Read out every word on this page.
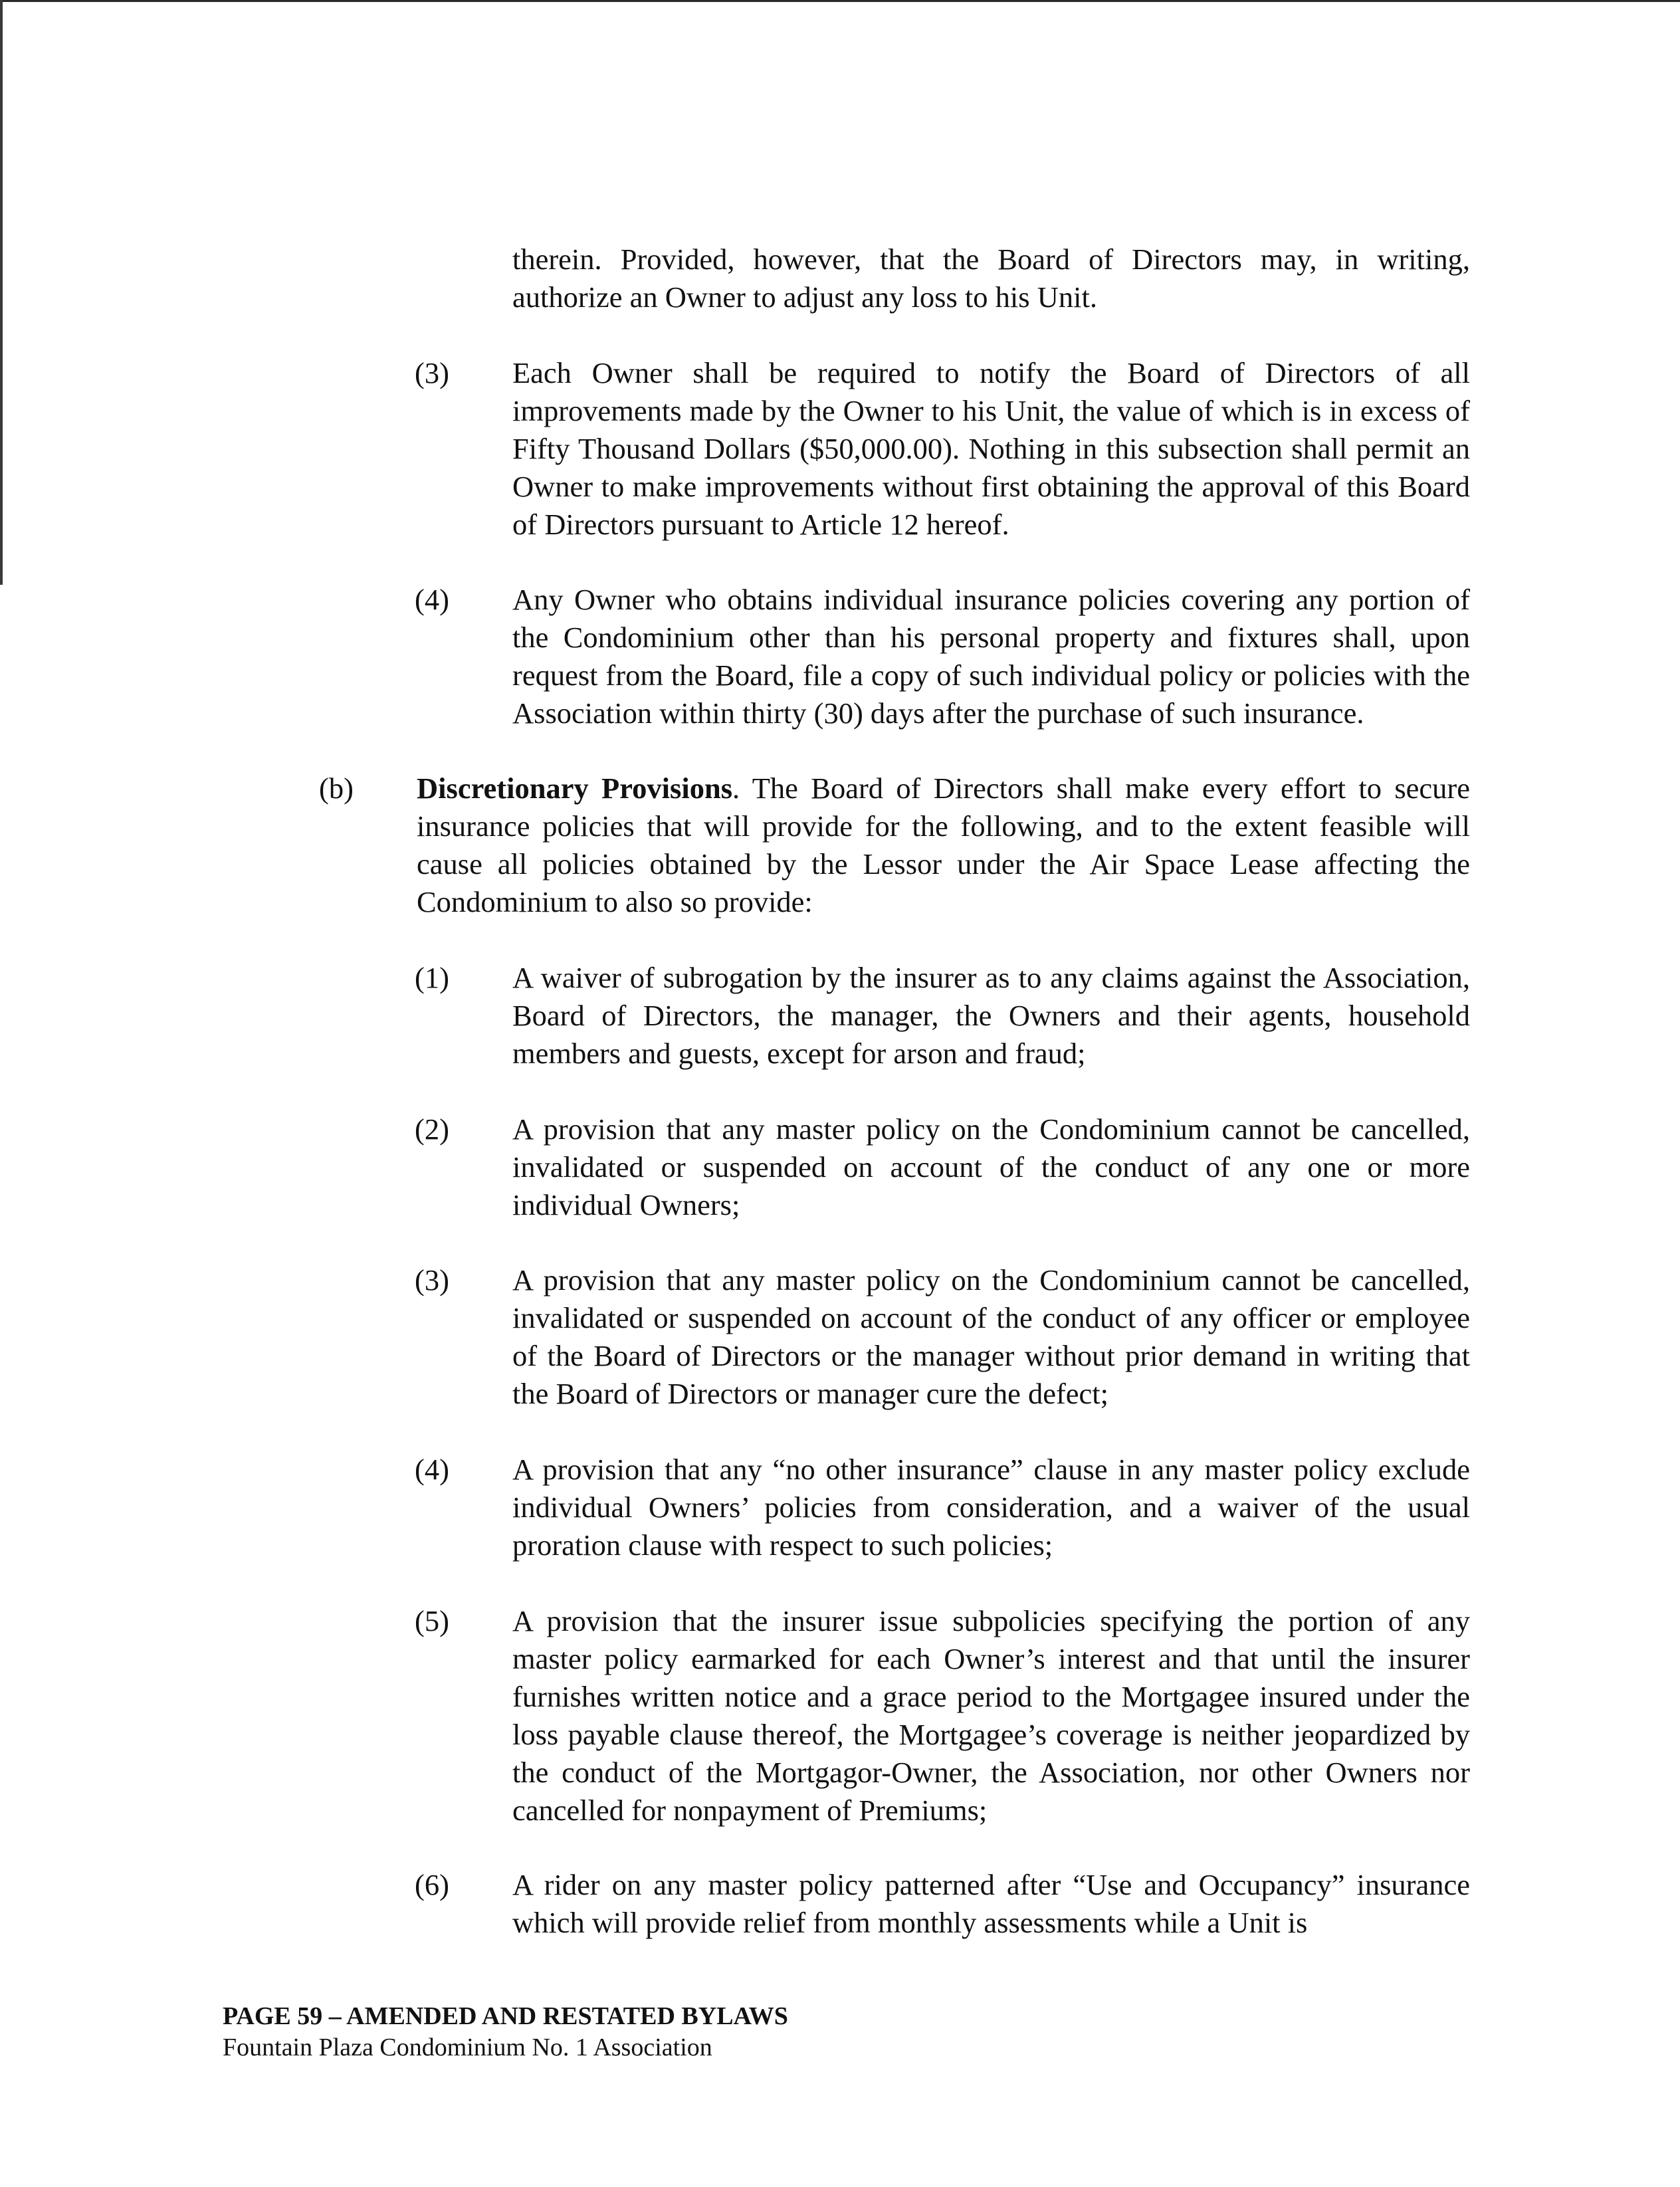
therein. Provided, however, that the Board of Directors may, in writing, authorize an Owner to adjust any loss to his Unit.

(3) Each Owner shall be required to notify the Board of Directors of all improvements made by the Owner to his Unit, the value of which is in excess of Fifty Thousand Dollars ($50,000.00). Nothing in this subsection shall permit an Owner to make improvements without first obtaining the approval of this Board of Directors pursuant to Article 12 hereof.

(4) Any Owner who obtains individual insurance policies covering any portion of the Condominium other than his personal property and fixtures shall, upon request from the Board, file a copy of such individual policy or policies with the Association within thirty (30) days after the purchase of such insurance.

(b) Discretionary Provisions. The Board of Directors shall make every effort to secure insurance policies that will provide for the following, and to the extent feasible will cause all policies obtained by the Lessor under the Air Space Lease affecting the Condominium to also so provide:

(1) A waiver of subrogation by the insurer as to any claims against the Association, Board of Directors, the manager, the Owners and their agents, household members and guests, except for arson and fraud;

(2) A provision that any master policy on the Condominium cannot be cancelled, invalidated or suspended on account of the conduct of any one or more individual Owners;

(3) A provision that any master policy on the Condominium cannot be cancelled, invalidated or suspended on account of the conduct of any officer or employee of the Board of Directors or the manager without prior demand in writing that the Board of Directors or manager cure the defect;

(4) A provision that any “no other insurance” clause in any master policy exclude individual Owners’ policies from consideration, and a waiver of the usual proration clause with respect to such policies;

(5) A provision that the insurer issue subpolicies specifying the portion of any master policy earmarked for each Owner’s interest and that until the insurer furnishes written notice and a grace period to the Mortgagee insured under the loss payable clause thereof, the Mortgagee’s coverage is neither jeopardized by the conduct of the Mortgagor-Owner, the Association, nor other Owners nor cancelled for nonpayment of Premiums;

(6) A rider on any master policy patterned after “Use and Occupancy” insurance which will provide relief from monthly assessments while a Unit is

PAGE 59 – AMENDED AND RESTATED BYLAWS
Fountain Plaza Condominium No. 1 Association
